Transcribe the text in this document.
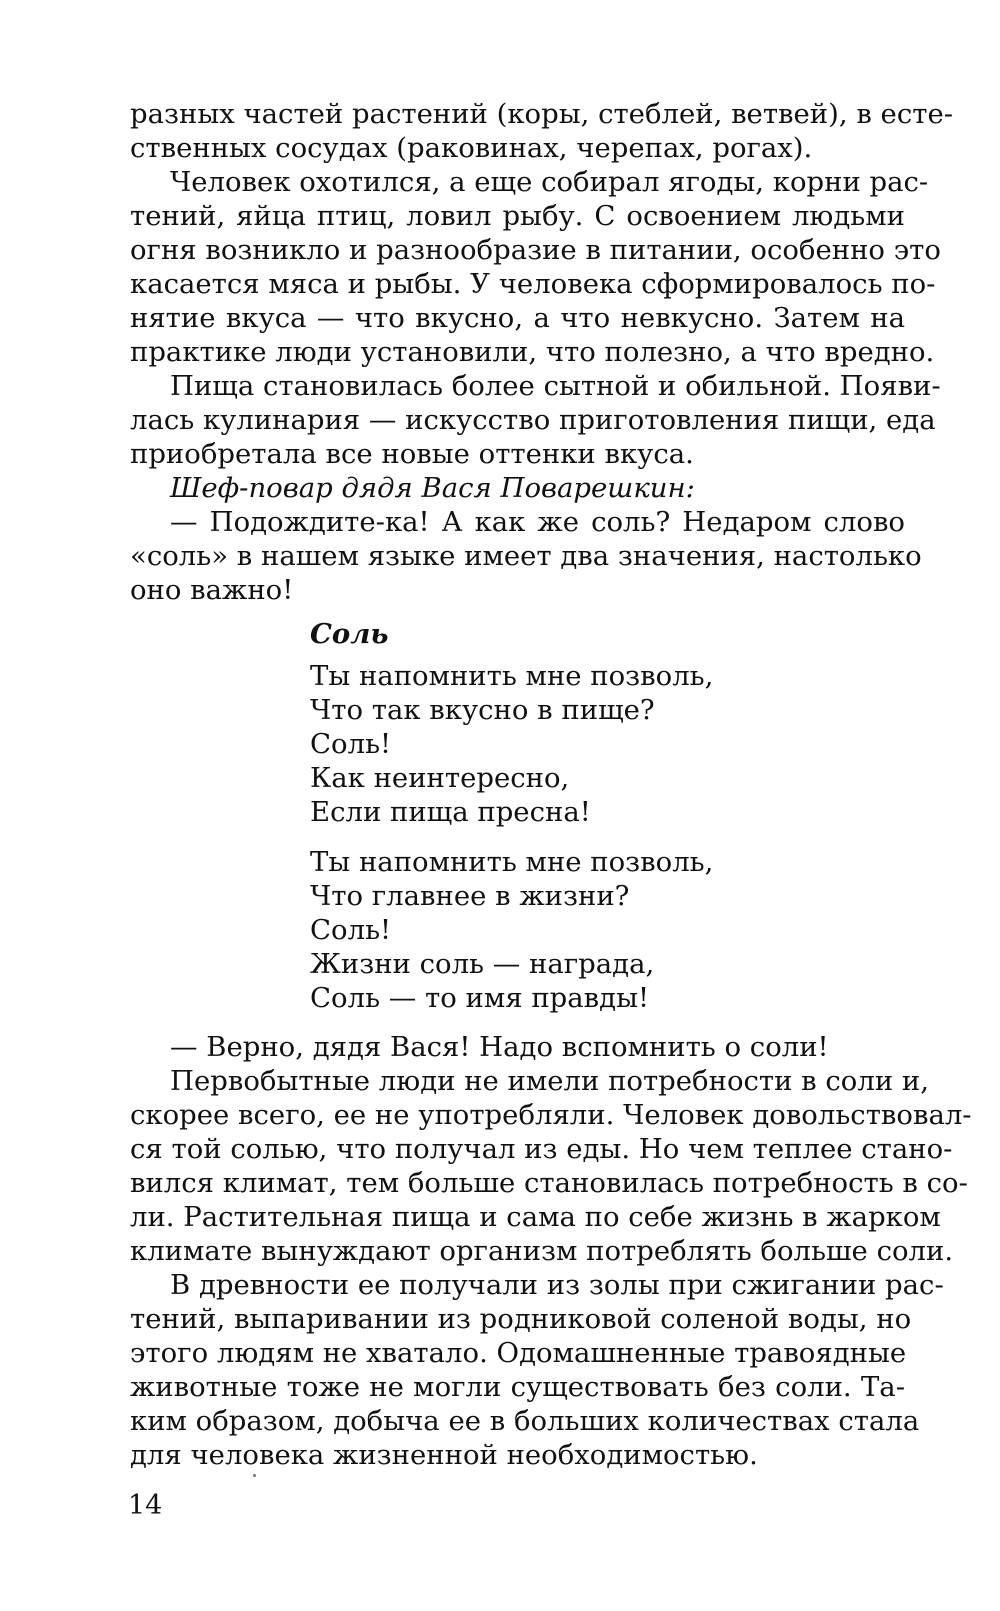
разных частей растений (коры, стеблей, ветвей), в есте-
ственных сосудах (раковинах, черепах, рогах).
Человек охотился, а еще собирал ягоды, корни рас-
тений, яйца птиц, ловил рыбу. С освоением людьми
огня возникло и разнообразие в питании, особенно это
касается мяса и рыбы. У человека сформировалось по-
нятие вкуса — что вкусно, а что невкусно. Затем на
практике люди установили, что полезно, а что вредно.
Пища становилась более сытной и обильной. Появи-
лась кулинария — искусство приготовления пищи, еда
приобретала все новые оттенки вкуса.
Шеф-повар дядя Вася Поварешкин:
— Подождите-ка! А как же соль? Недаром слово
«соль» в нашем языке имеет два значения, настолько
оно важно!
Соль
Ты напомнить мне позволь,
Что так вкусно в пище?
Соль!
Как неинтересно,
Если пища пресна!
Ты напомнить мне позволь,
Что главнее в жизни?
Соль!
Жизни соль — награда,
Соль — то имя правды!
— Верно, дядя Вася! Надо вспомнить о соли!
Первобытные люди не имели потребности в соли и,
скорее всего, ее не употребляли. Человек довольствовал-
ся той солью, что получал из еды. Но чем теплее стано-
вился климат, тем больше становилась потребность в со-
ли. Растительная пища и сама по себе жизнь в жарком
климате вынуждают организм потреблять больше соли.
В древности ее получали из золы при сжигании рас-
тений, выпаривании из родниковой соленой воды, но
этого людям не хватало. Одомашненные травоядные
животные тоже не могли существовать без соли. Та-
ким образом, добыча ее в больших количествах стала
для человека жизненной необходимостью.
14
